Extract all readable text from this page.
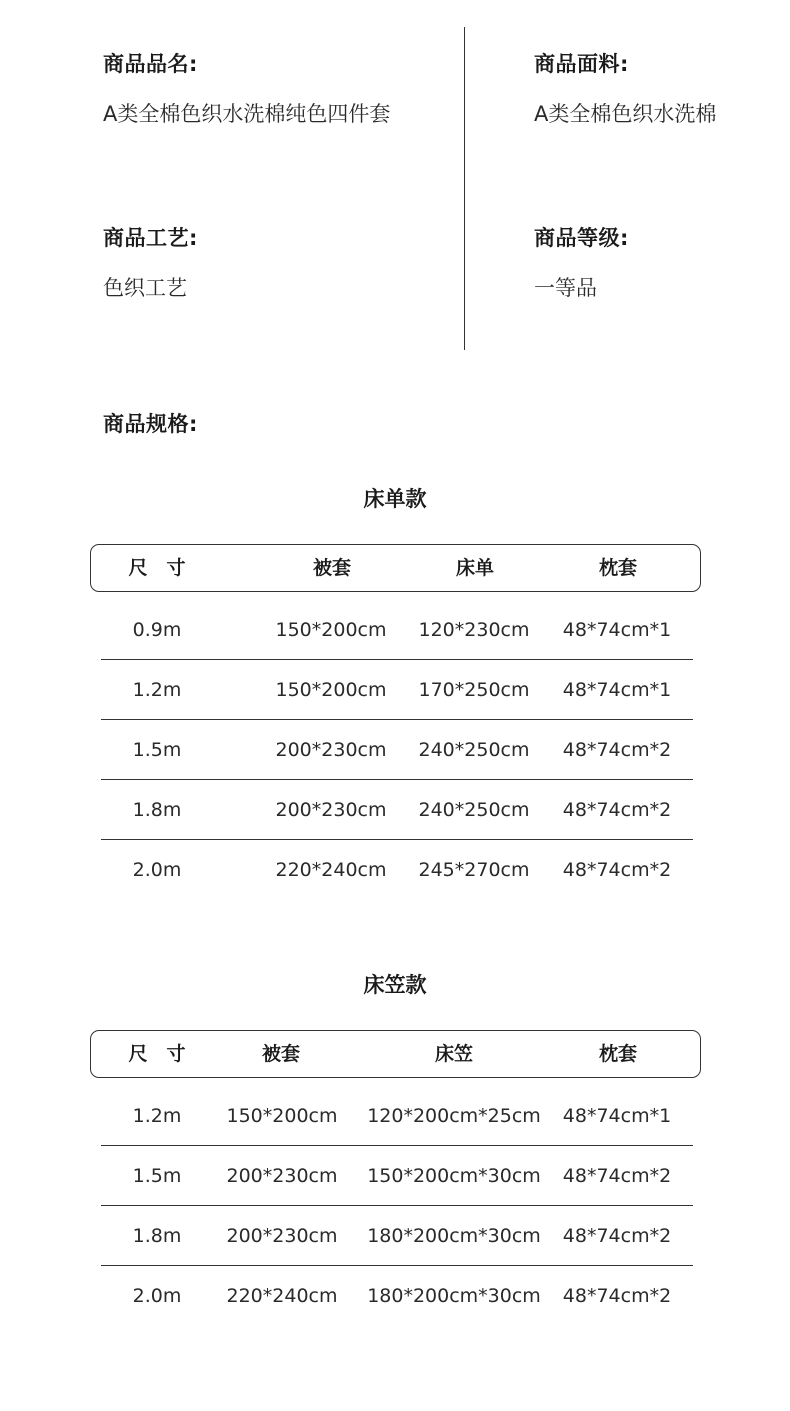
商品品名:
A类全棉色织水洗棉纯色四件套
商品面料:
A类全棉色织水洗棉
商品工艺:
色织工艺
商品等级:
一等品
商品规格:
床单款
尺　寸	被套	床单	枕套
0.9m	150*200cm	120*230cm	48*74cm*1
1.2m	150*200cm	170*250cm	48*74cm*1
1.5m	200*230cm	240*250cm	48*74cm*2
1.8m	200*230cm	240*250cm	48*74cm*2
2.0m	220*240cm	245*270cm	48*74cm*2
床笠款
尺　寸	被套	床笠	枕套
1.2m	150*200cm	120*200cm*25cm	48*74cm*1
1.5m	200*230cm	150*200cm*30cm	48*74cm*2
1.8m	200*230cm	180*200cm*30cm	48*74cm*2
2.0m	220*240cm	180*200cm*30cm	48*74cm*2
